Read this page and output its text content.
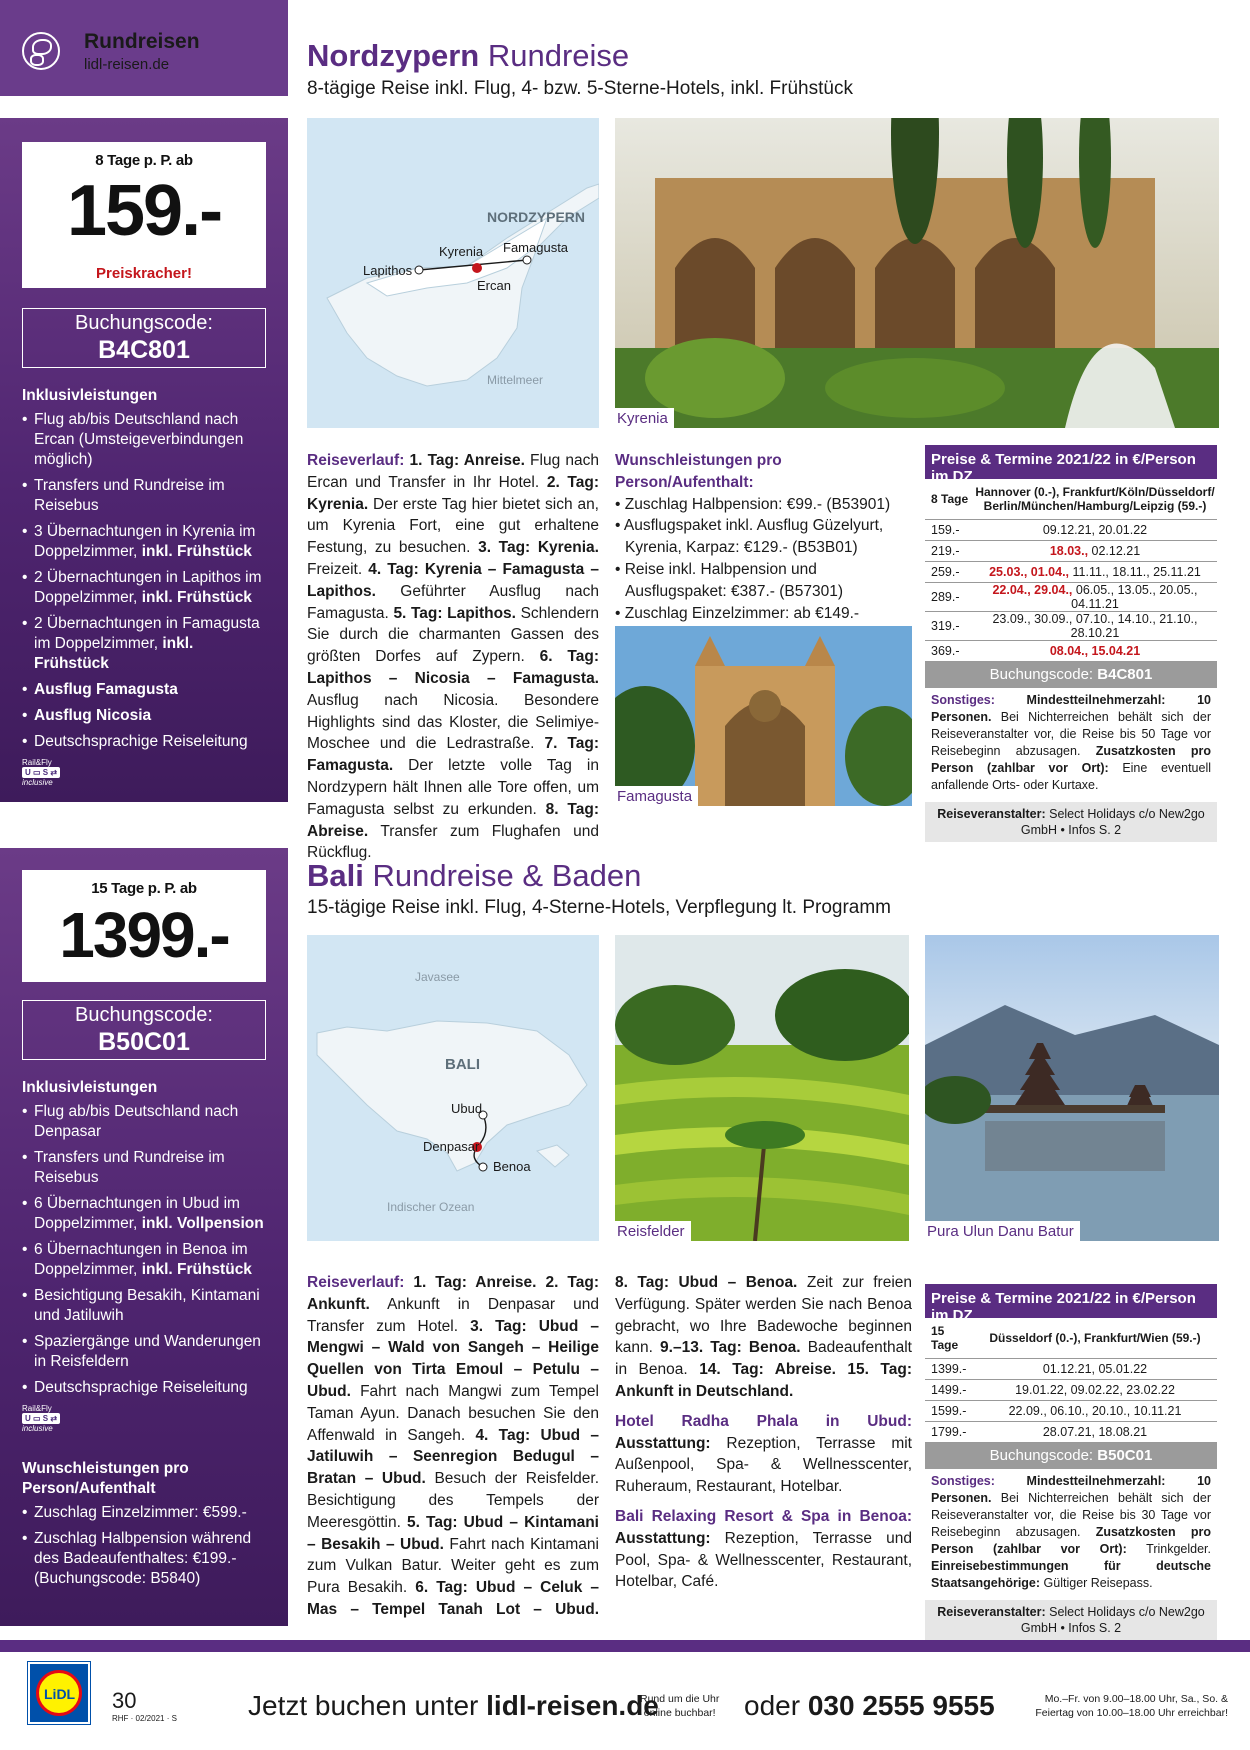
Rundreisen
lidl-reisen.de
8 Tage p. P. ab
159.-
Preiskracher!
Buchungscode:
B4C801
Inklusivleistungen
• Flug ab/bis Deutschland nach Ercan (Umsteigeverbindungen möglich)
• Transfers und Rundreise im Reisebus
• 3 Übernachtungen in Kyrenia im Doppelzimmer, inkl. Frühstück
• 2 Übernachtungen in Lapithos im Doppelzimmer, inkl. Frühstück
• 2 Übernachtungen in Famagusta im Doppelzimmer, inkl. Frühstück
• Ausflug Famagusta
• Ausflug Nicosia
• Deutschsprachige Reiseleitung
Rail&Fly
U ▭ S ⇄
inclusive
Nordzypern Rundreise
8-tägige Reise inkl. Flug, 4- bzw. 5-Sterne-Hotels, inkl. Frühstück
NORDZYPERN
Kyrenia Famagusta
Lapithos
Ercan
Mittelmeer
Kyrenia
Famagusta
Reiseverlauf: 1. Tag: Anreise. Flug nach Ercan und Transfer in Ihr Hotel. 2. Tag: Kyrenia. Der erste Tag hier bietet sich an, um Kyrenia Fort, eine gut erhaltene Festung, zu besuchen. 3. Tag: Kyrenia. Freizeit. 4. Tag: Kyrenia – Famagusta – Lapithos. Geführter Ausflug nach Famagusta. 5. Tag: Lapithos. Schlendern Sie durch die charmanten Gassen des größten Dorfes auf Zypern. 6. Tag: Lapithos – Nicosia – Famagusta. Ausflug nach Nicosia. Besondere Highlights sind das Kloster, die Selimiye-Moschee und die Ledrastraße. 7. Tag: Famagusta. Der letzte volle Tag in Nordzypern hält Ihnen alle Tore offen, um Famagusta selbst zu erkunden. 8. Tag: Abreise. Transfer zum Flughafen und Rückflug.
Wunschleistungen pro Person/Aufenthalt:
• Zuschlag Halbpension: €99.- (B53901)
• Ausflugspaket inkl. Ausflug Güzelyurt, Kyrenia, Karpaz: €129.- (B53B01)
• Reise inkl. Halbpension und Ausflugspaket: €387.- (B57301)
• Zuschlag Einzelzimmer: ab €149.-
Preise & Termine 2021/22 in €/Person im DZ
8 Tage	Hannover (0.-), Frankfurt/Köln/Düsseldorf/ Berlin/München/Hamburg/Leipzig (59.-)
159.-	09.12.21, 20.01.22
219.-	18.03., 02.12.21
259.-	25.03., 01.04., 11.11., 18.11., 25.11.21
289.-	22.04., 29.04., 06.05., 13.05., 20.05., 04.11.21
319.-	23.09., 30.09., 07.10., 14.10., 21.10., 28.10.21
369.-	08.04., 15.04.21
Buchungscode: B4C801
Sonstiges: Mindestteilnehmerzahl: 10 Personen. Bei Nichterreichen behält sich der Reiseveranstalter vor, die Reise bis 50 Tage vor Reisebeginn abzusagen. Zusatzkosten pro Person (zahlbar vor Ort): Eine eventuell anfallende Orts- oder Kurtaxe.
Reiseveranstalter: Select Holidays c/o New2go GmbH • Infos S. 2
15 Tage p. P. ab
1399.-
Buchungscode:
B50C01
Inklusivleistungen
• Flug ab/bis Deutschland nach Denpasar
• Transfers und Rundreise im Reisebus
• 6 Übernachtungen in Ubud im Doppelzimmer, inkl. Vollpension
• 6 Übernachtungen in Benoa im Doppelzimmer, inkl. Frühstück
• Besichtigung Besakih, Kintamani und Jatiluwih
• Spaziergänge und Wanderungen in Reisfeldern
• Deutschsprachige Reiseleitung
Rail&Fly
U ▭ S ⇄
inclusive
Wunschleistungen pro Person/Aufenthalt
• Zuschlag Einzelzimmer: €599.-
• Zuschlag Halbpension während des Badeaufenthaltes: €199.- (Buchungscode: B5840)
Bali Rundreise & Baden
15-tägige Reise inkl. Flug, 4-Sterne-Hotels, Verpflegung lt. Programm
Javasee
BALI
Ubud
Denpasar
Benoa
Indischer Ozean
Reisfelder	Pura Ulun Danu Batur
Reiseverlauf: 1. Tag: Anreise. 2. Tag: Ankunft. Ankunft in Denpasar und Transfer zum Hotel. 3. Tag: Ubud – Mengwi – Wald von Sangeh – Heilige Quellen von Tirta Emoul – Petulu – Ubud. Fahrt nach Mangwi zum Tempel Taman Ayun. Danach besuchen Sie den Affenwald in Sangeh. 4. Tag: Ubud – Jatiluwih – Seenregion Bedugul – Bratan – Ubud. Besuch der Reisfelder. Besichtigung des Tempels der Meeresgöttin. 5. Tag: Ubud – Kintamani – Besakih – Ubud. Fahrt nach Kintamani zum Vulkan Batur. Weiter geht es zum Pura Besakih. 6. Tag: Ubud – Celuk – Mas – Tempel Tanah Lot – Ubud.
8. Tag: Ubud – Benoa. Zeit zur freien Verfügung. Später werden Sie nach Benoa gebracht, wo Ihre Badewoche beginnen kann. 9.–13. Tag: Benoa. Badeaufenthalt in Benoa. 14. Tag: Abreise. 15. Tag: Ankunft in Deutschland.
Hotel Radha Phala in Ubud: Ausstattung: Rezeption, Terrasse mit Außenpool, Spa- & Wellnesscenter, Ruheraum, Restaurant, Hotelbar.
Bali Relaxing Resort & Spa in Benoa: Ausstattung: Rezeption, Terrasse und Pool, Spa- & Wellnesscenter, Restaurant, Hotelbar, Café.
Preise & Termine 2021/22 in €/Person im DZ
15 Tage	Düsseldorf (0.-), Frankfurt/Wien (59.-)
1399.-	01.12.21, 05.01.22
1499.-	19.01.22, 09.02.22, 23.02.22
1599.-	22.09., 06.10., 20.10., 10.11.21
1799.-	28.07.21, 18.08.21
Buchungscode: B50C01
Sonstiges: Mindestteilnehmerzahl: 10 Personen. Bei Nichterreichen behält sich der Reiseveranstalter vor, die Reise bis 30 Tage vor Reisebeginn abzusagen. Zusatzkosten pro Person (zahlbar vor Ort): Trinkgelder. Einreisebestimmungen für deutsche Staatsangehörige: Gültiger Reisepass.
Reiseveranstalter: Select Holidays c/o New2go GmbH • Infos S. 2
LiDL 30
RHF · 02/2021 · S	Jetzt buchen unter lidl-reisen.de
Rund um die Uhr
online buchbar! oder 030 2555 9555	Mo.–Fr. von 9.00–18.00 Uhr, Sa., So. &
Feiertag von 10.00–18.00 Uhr erreichbar!
